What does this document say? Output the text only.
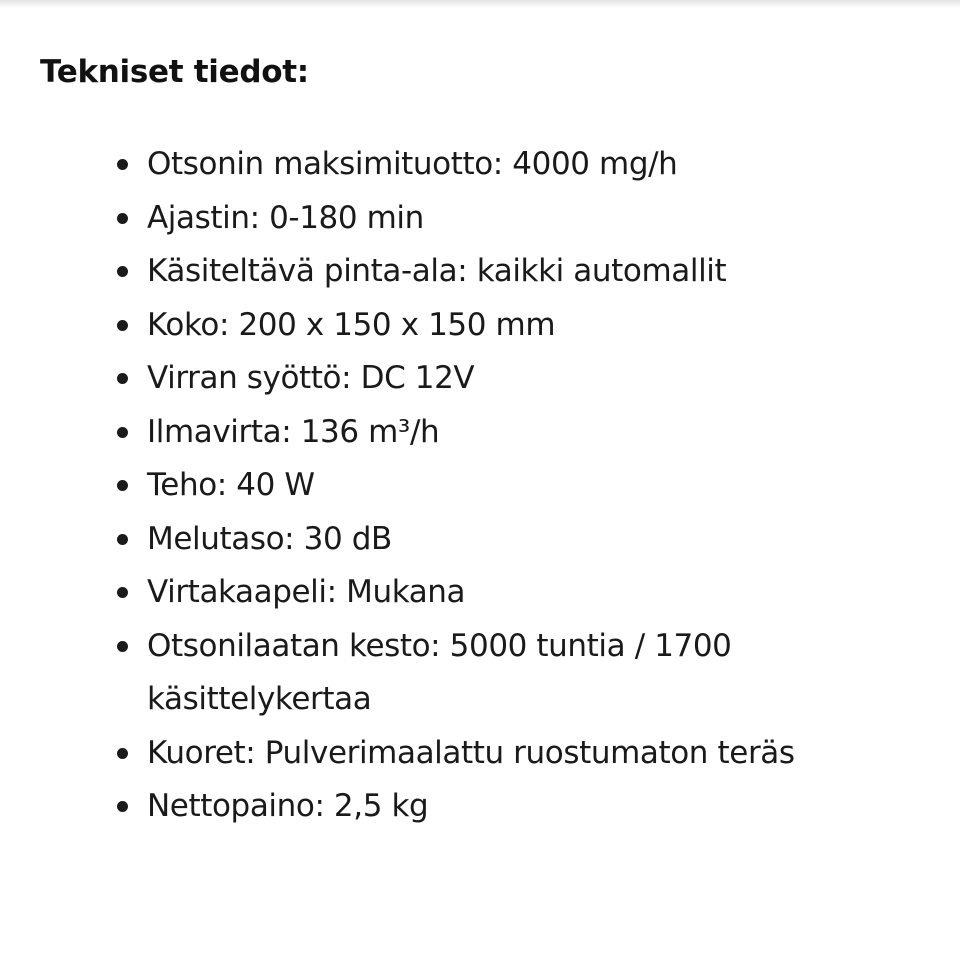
Tekniset tiedot:
Otsonin maksimituotto: 4000 mg/h
Ajastin: 0-180 min
Käsiteltävä pinta-ala: kaikki automallit
Koko: 200 x 150 x 150 mm
Virran syöttö: DC 12V
Ilmavirta: 136 m³/h
Teho: 40 W
Melutaso: 30 dB
Virtakaapeli: Mukana
Otsonilaatan kesto: 5000 tuntia / 1700 käsittelykertaa
Kuoret: Pulverimaalattu ruostumaton teräs
Nettopaino: 2,5 kg
